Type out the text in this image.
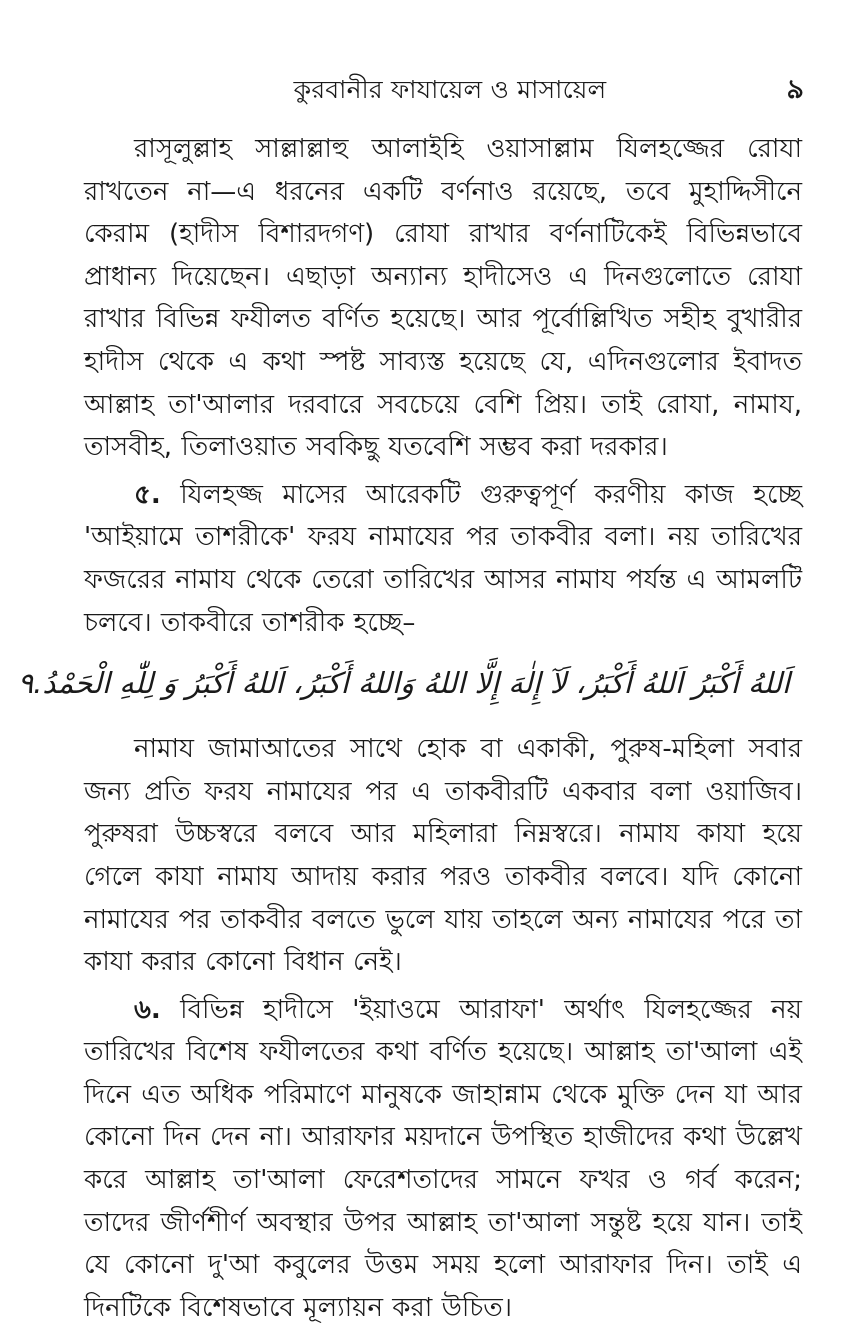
কুরবানীর ফাযায়েল ও মাসায়েল	৯

রাসূলুল্লাহ সাল্লাল্লাহু আলাইহি ওয়াসাল্লাম যিলহজ্জের রোযা রাখতেন না—এ ধরনের একটি বর্ণনাও রয়েছে, তবে মুহাদ্দিসীনে কেরাম (হাদীস বিশারদগণ) রোযা রাখার বর্ণনাটিকেই বিভিন্নভাবে প্রাধান্য দিয়েছেন। এছাড়া অন্যান্য হাদীসেও এ দিনগুলোতে রোযা রাখার বিভিন্ন ফযীলত বর্ণিত হয়েছে। আর পূর্বোল্লিখিত সহীহ বুখারীর হাদীস থেকে এ কথা স্পষ্ট সাব্যস্ত হয়েছে যে, এদিনগুলোর ইবাদত আল্লাহ তা'আলার দরবারে সবচেয়ে বেশি প্রিয়। তাই রোযা, নামায, তাসবীহ, তিলাওয়াত সবকিছু যতবেশি সম্ভব করা দরকার।

৫. যিলহজ্জ মাসের আরেকটি গুরুত্বপূর্ণ করণীয় কাজ হচ্ছে 'আইয়ামে তাশরীকে' ফরয নামাযের পর তাকবীর বলা। নয় তারিখের ফজরের নামায থেকে তেরো তারিখের আসর নামায পর্যন্ত এ আমলটি চলবে। তাকবীরে তাশরীক হচ্ছে–

اَللهُ أَكْبَرُ اَللهُ أَكْبَرُ، لَآ إِلٰهَ إِلَّا اللهُ وَاللهُ أَكْبَرُ، اَللهُ أَكْبَرُ وَ لِلّٰهِ الْحَمْدُ.٩

নামায জামাআতের সাথে হোক বা একাকী, পুরুষ-মহিলা সবার জন্য প্রতি ফরয নামাযের পর এ তাকবীরটি একবার বলা ওয়াজিব। পুরুষরা উচ্চস্বরে বলবে আর মহিলারা নিম্নস্বরে। নামায কাযা হয়ে গেলে কাযা নামায আদায় করার পরও তাকবীর বলবে। যদি কোনো নামাযের পর তাকবীর বলতে ভুলে যায় তাহলে অন্য নামাযের পরে তা কাযা করার কোনো বিধান নেই।

৬. বিভিন্ন হাদীসে 'ইয়াওমে আরাফা' অর্থাৎ যিলহজ্জের নয় তারিখের বিশেষ ফযীলতের কথা বর্ণিত হয়েছে। আল্লাহ তা'আলা এই দিনে এত অধিক পরিমাণে মানুষকে জাহান্নাম থেকে মুক্তি দেন যা আর কোনো দিন দেন না। আরাফার ময়দানে উপস্থিত হাজীদের কথা উল্লেখ করে আল্লাহ তা'আলা ফেরেশতাদের সামনে ফখর ও গর্ব করেন; তাদের জীর্ণশীর্ণ অবস্থার উপর আল্লাহ তা'আলা সন্তুষ্ট হয়ে যান। তাই যে কোনো দু'আ কবুলের উত্তম সময় হলো আরাফার দিন। তাই এ দিনটিকে বিশেষভাবে মূল্যায়ন করা উচিত।
